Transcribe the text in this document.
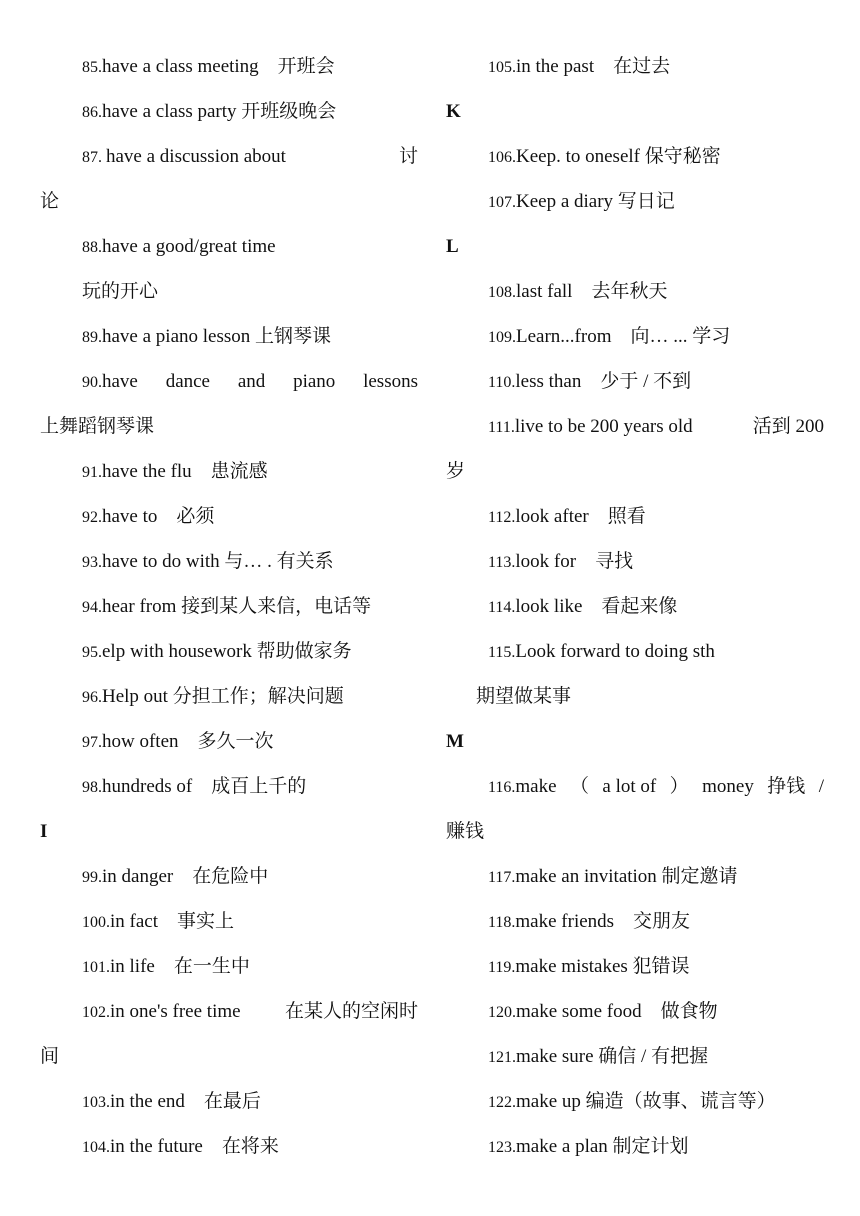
85.have a class meeting　开班会
86.have a class party 开班级晚会
87. have a discussion about	讨
论
88.have a good/great time
玩的开心
89.have a piano lesson 上钢琴课
90.have dance and piano lessons
上舞蹈钢琴课
91.have the flu　患流感
92.have to　必须
93.have to do with 与… . 有关系
94.hear from 接到某人来信，电话等
95.elp with housework 帮助做家务
96.Help out 分担工作；解决问题
97.how often　多久一次
98.hundreds of　成百上千的
I
99.in danger　在危险中
100.in fact　事实上
101.in life　在一生中
102.in one's free time 在某人的空闲时
间
103.in the end　在最后
104.in the future　在将来
105.in the past　在过去
K
106.Keep. to oneself 保守秘密
107.Keep a diary 写日记
L
108.last fall　去年秋天
109.Learn...from　向… ... 学习
110.less than　少于 / 不到
111.live to be 200 years old	活到 200
岁
112.look after　照看
113.look for　寻找
114.look like　看起来像
115.Look forward to doing sth
期望做某事
M
116.make （ a lot of ） money 挣钱 /
赚钱
117.make an invitation 制定邀请
118.make friends　交朋友
119.make mistakes 犯错误
120.make some food　做食物
121.make sure 确信 / 有把握
122.make up 编造（故事、谎言等）
123.make a plan 制定计划
